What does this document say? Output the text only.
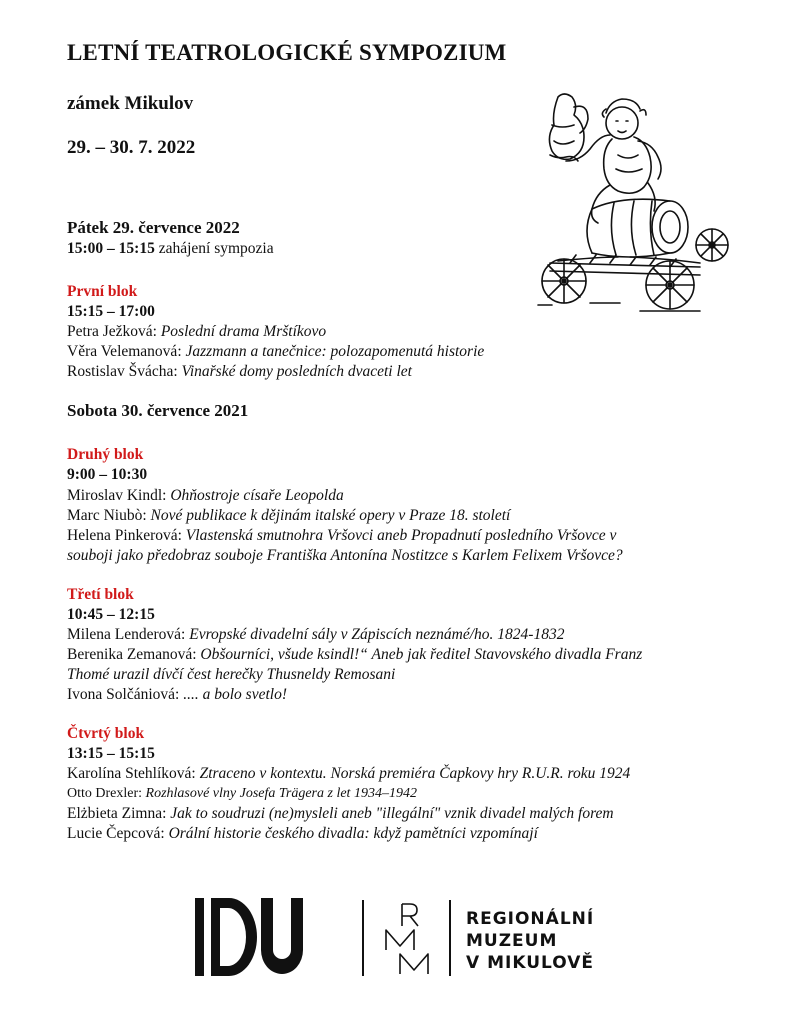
LETNÍ TEATROLOGICKÉ SYMPOZIUM
zámek Mikulov
29. – 30. 7. 2022
Pátek 29. července 2022
15:00 – 15:15 zahájení sympozia
První blok
15:15 – 17:00
Petra Ježková: Poslední drama Mrštíkovo
Věra Velemanová: Jazzmann a tanečnice: polozapomenutá historie
Rostislav Švácha: Vinařské domy posledních dvaceti let
Sobota 30. července 2021
Druhý blok
9:00 – 10:30
Miroslav Kindl: Ohňostroje císaře Leopolda
Marc Niubò: Nové publikace k dějinám italské opery v Praze 18. století
Helena Pinkerová: Vlastenská smutnohra Vršovci aneb Propadnutí posledního Vršovce v
souboji jako předobraz souboje Františka Antonína Nostitzce s Karlem Felixem Vršovce?
Třetí blok
10:45 – 12:15
Milena Lenderová: Evropské divadelní sály v Zápiscích neznámé/ho. 1824-1832
Berenika Zemanová: Obšourníci, všude ksindl!“ Aneb jak ředitel Stavovského divadla Franz
Thomé urazil dívčí čest herečky Thusneldy Remosani
Ivona Solčániová: .... a bolo svetlo!
Čtvrtý blok
13:15 – 15:15
Karolína Stehlíková: Ztraceno v kontextu. Norská premiéra Čapkovy hry R.U.R. roku 1924
Otto Drexler: Rozhlasové vlny Josefa Trägera z let 1934–1942
Elżbieta Zimna: Jak to soudruzi (ne)mysleli aneb "illegální" vznik divadel malých forem
Lucie Čepcová: Orální historie českého divadla: když pamětníci vzpomínají
REGIONÁLNÍ
MUZEUM
V MIKULOVĚ
